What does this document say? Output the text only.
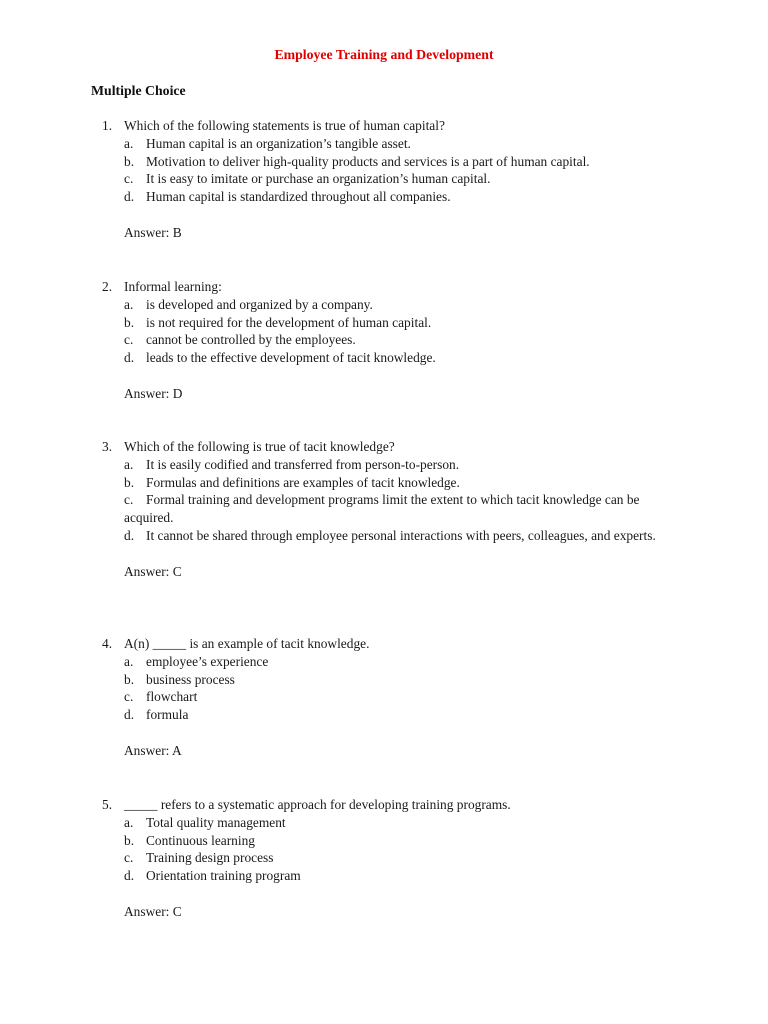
Employee Training and Development
Multiple Choice
1. Which of the following statements is true of human capital?
a. Human capital is an organization’s tangible asset.
b. Motivation to deliver high-quality products and services is a part of human capital.
c. It is easy to imitate or purchase an organization’s human capital.
d. Human capital is standardized throughout all companies.
Answer: B
2. Informal learning:
a. is developed and organized by a company.
b. is not required for the development of human capital.
c. cannot be controlled by the employees.
d. leads to the effective development of tacit knowledge.
Answer: D
3. Which of the following is true of tacit knowledge?
a. It is easily codified and transferred from person-to-person.
b. Formulas and definitions are examples of tacit knowledge.
c. Formal training and development programs limit the extent to which tacit knowledge can be acquired.
d. It cannot be shared through employee personal interactions with peers, colleagues, and experts.
Answer: C
4. A(n) _____ is an example of tacit knowledge.
a. employee’s experience
b. business process
c. flowchart
d. formula
Answer: A
5. _____ refers to a systematic approach for developing training programs.
a. Total quality management
b. Continuous learning
c. Training design process
d. Orientation training program
Answer: C
